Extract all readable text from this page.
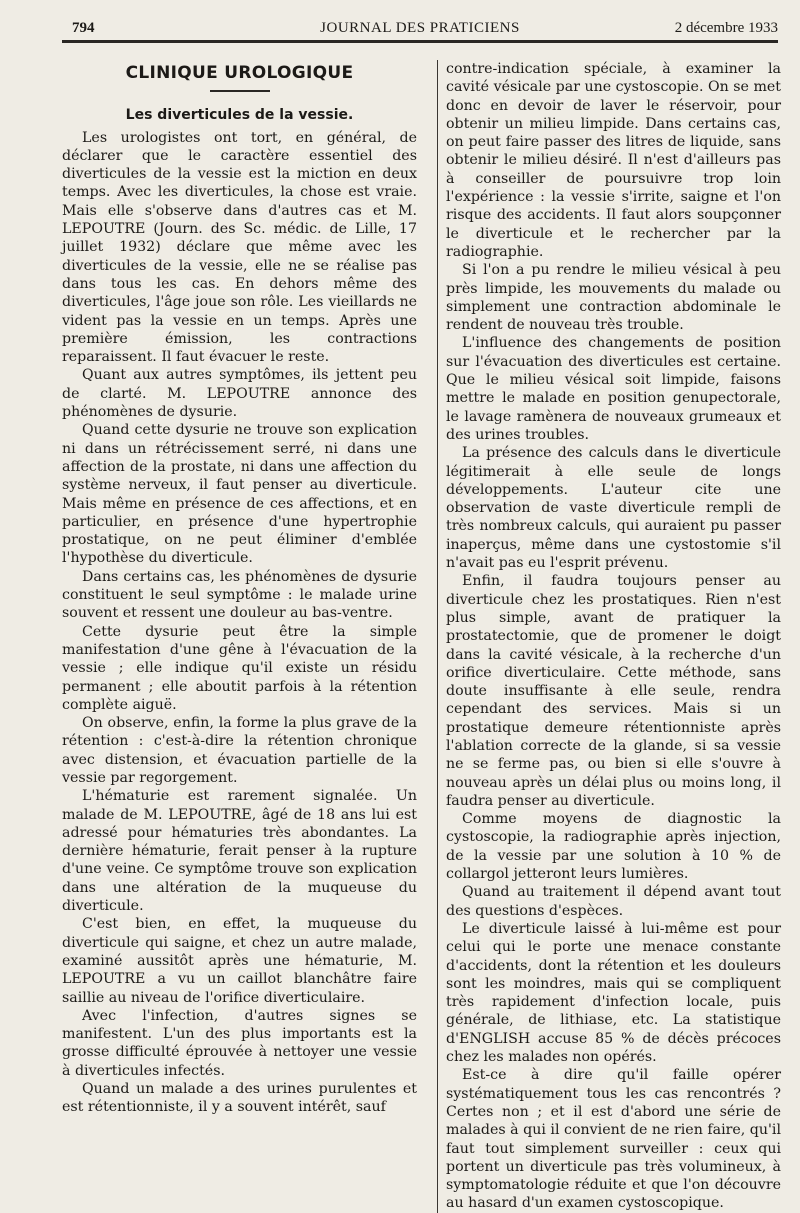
794	JOURNAL DES PRATICIENS	2 décembre 1933
CLINIQUE UROLOGIQUE
Les diverticules de la vessie.

Les urologistes ont tort, en général, de déclarer que le caractère essentiel des diverticules de la vessie est la miction en deux temps. Avec les diverticules, la chose est vraie. Mais elle s'observe dans d'autres cas et M. LEPOUTRE (Journ. des Sc. médic. de Lille, 17 juillet 1932) déclare que même avec les diverticules de la vessie, elle ne se réalise pas dans tous les cas. En dehors même des diverticules, l'âge joue son rôle. Les vieillards ne vident pas la vessie en un temps. Après une première émission, les contractions reparaissent. Il faut évacuer le reste.

Quant aux autres symptômes, ils jettent peu de clarté. M. LEPOUTRE annonce des phénomènes de dysurie.

Quand cette dysurie ne trouve son explication ni dans un rétrécissement serré, ni dans une affection de la prostate, ni dans une affection du système nerveux, il faut penser au diverticule. Mais même en présence de ces affections, et en particulier, en présence d'une hypertrophie prostatique, on ne peut éliminer d'emblée l'hypothèse du diverticule.

Dans certains cas, les phénomènes de dysurie constituent le seul symptôme : le malade urine souvent et ressent une douleur au bas-ventre.

Cette dysurie peut être la simple manifestation d'une gêne à l'évacuation de la vessie ; elle indique qu'il existe un résidu permanent ; elle aboutit parfois à la rétention complète aiguë.

On observe, enfin, la forme la plus grave de la rétention : c'est-à-dire la rétention chronique avec distension, et évacuation partielle de la vessie par regorgement.

L'hématurie est rarement signalée. Un malade de M. LEPOUTRE, âgé de 18 ans lui est adressé pour hématuries très abondantes. La dernière hématurie, ferait penser à la rupture d'une veine. Ce symptôme trouve son explication dans une altération de la muqueuse du diverticule.

C'est bien, en effet, la muqueuse du diverticule qui saigne, et chez un autre malade, examiné aussitôt après une hématurie, M. LEPOUTRE a vu un caillot blanchâtre faire saillie au niveau de l'orifice diverticulaire.

Avec l'infection, d'autres signes se manifestent. L'un des plus importants est la grosse difficulté éprouvée à nettoyer une vessie à diverticules infectés.

Quand un malade a des urines purulentes et est rétentionniste, il y a souvent intérêt, sauf

contre-indication spéciale, à examiner la cavité vésicale par une cystoscopie. On se met donc en devoir de laver le réservoir, pour obtenir un milieu limpide. Dans certains cas, on peut faire passer des litres de liquide, sans obtenir le milieu désiré. Il n'est d'ailleurs pas à conseiller de poursuivre trop loin l'expérience : la vessie s'irrite, saigne et l'on risque des accidents. Il faut alors soupçonner le diverticule et le rechercher par la radiographie.

Si l'on a pu rendre le milieu vésical à peu près limpide, les mouvements du malade ou simplement une contraction abdominale le rendent de nouveau très trouble.

L'influence des changements de position sur l'évacuation des diverticules est certaine. Que le milieu vésical soit limpide, faisons mettre le malade en position genupectorale, le lavage ramènera de nouveaux grumeaux et des urines troubles.

La présence des calculs dans le diverticule légitimerait à elle seule de longs développements. L'auteur cite une observation de vaste diverticule rempli de très nombreux calculs, qui auraient pu passer inaperçus, même dans une cystostomie s'il n'avait pas eu l'esprit prévenu.

Enfin, il faudra toujours penser au diverticule chez les prostatiques. Rien n'est plus simple, avant de pratiquer la prostatectomie, que de promener le doigt dans la cavité vésicale, à la recherche d'un orifice diverticulaire. Cette méthode, sans doute insuffisante à elle seule, rendra cependant des services. Mais si un prostatique demeure rétentionniste après l'ablation correcte de la glande, si sa vessie ne se ferme pas, ou bien si elle s'ouvre à nouveau après un délai plus ou moins long, il faudra penser au diverticule.

Comme moyens de diagnostic la cystoscopie, la radiographie après injection, de la vessie par une solution à 10 % de collargol jetteront leurs lumières.

Quand au traitement il dépend avant tout des questions d'espèces.

Le diverticule laissé à lui-même est pour celui qui le porte une menace constante d'accidents, dont la rétention et les douleurs sont les moindres, mais qui se compliquent très rapidement d'infection locale, puis générale, de lithiase, etc. La statistique d'ENGLISH accuse 85 % de décès précoces chez les malades non opérés.

Est-ce à dire qu'il faille opérer systématiquement tous les cas rencontrés ? Certes non ; et il est d'abord une série de malades à qui il convient de ne rien faire, qu'il faut tout simplement surveiller : ceux qui portent un diverticule pas très volumineux, à symptomatologie réduite et que l'on découvre au hasard d'un examen cystoscopique.
